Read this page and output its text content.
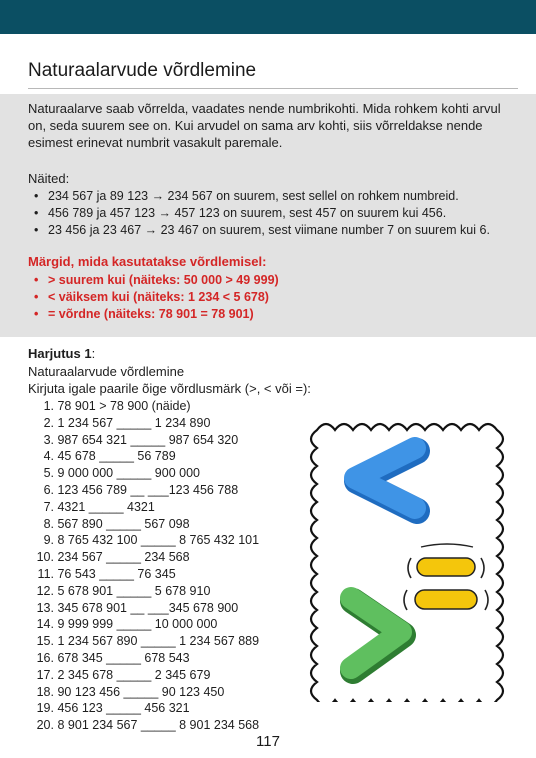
Naturaalarvude võrdlemine

Naturaalarve saab võrrelda, vaadates nende numbrikohti. Mida rohkem kohti arvul on, seda suurem see on. Kui arvudel on sama arv kohti, siis võrreldakse nende esimest erinevat numbrit vasakult paremale.

Näited:

• 234 567 ja 89 123 → 234 567 on suurem, sest sellel on rohkem numbreid.
• 456 789 ja 457 123 → 457 123 on suurem, sest 457 on suurem kui 456.
• 23 456 ja 23 467 → 23 467 on suurem, sest viimane number 7 on suurem kui 6.

Märgid, mida kasutatakse võrdlemisel:

• > suurem kui (näiteks: 50 000 > 49 999)
• < väiksem kui (näiteks: 1 234 < 5 678)
• = võrdne (näiteks: 78 901 = 78 901)
Harjutus 1:
Naturaalarvude võrdlemine
Kirjuta igale paarile õige võrdlusmärk (>, < või =):
1. 78 901 > 78 900 (näide)
2. 1 234 567 _____ 1 234 890
3. 987 654 321 _____ 987 654 320
4. 45 678 _____ 56 789
5. 9 000 000 _____ 900 000
6. 123 456 789 __ ___123 456 788
7. 4321 _____ 4321
8. 567 890 _____ 567 098
9. 8 765 432 100 _____ 8 765 432 101
10. 234 567 _____ 234 568
11. 76 543 _____ 76 345
12. 5 678 901 _____ 5 678 910
13. 345 678 901 __ ___345 678 900
14. 9 999 999 _____ 10 000 000
15. 1 234 567 890 _____ 1 234 567 889
16. 678 345 _____ 678 543
17. 2 345 678 _____ 2 345 679
18. 90 123 456 _____ 90 123 450
19. 456 123 _____ 456 321
20. 8 901 234 567 _____ 8 901 234 568
117
